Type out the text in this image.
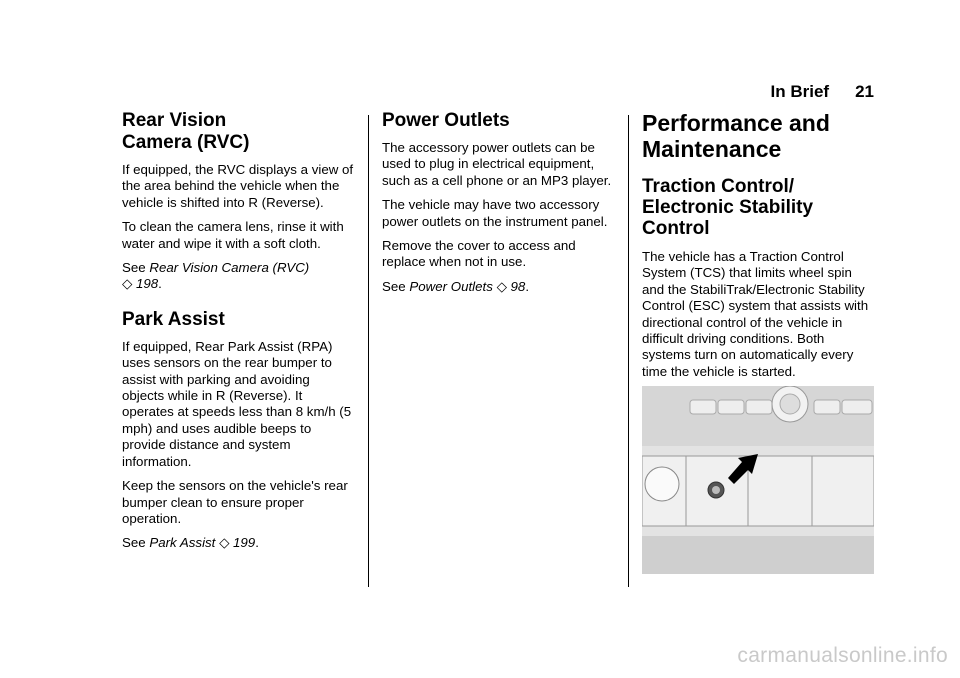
In Brief 21
Rear Vision
Camera (RVC)

If equipped, the RVC displays a view of the area behind the vehicle when the vehicle is shifted into R (Reverse).

To clean the camera lens, rinse it with water and wipe it with a soft cloth.

See Rear Vision Camera (RVC)
◇ 198.

Park Assist

If equipped, Rear Park Assist (RPA) uses sensors on the rear bumper to assist with parking and avoiding objects while in R (Reverse). It operates at speeds less than 8 km/h (5 mph) and uses audible beeps to provide distance and system information.

Keep the sensors on the vehicle's rear bumper clean to ensure proper operation.

See Park Assist ◇ 199.

Power Outlets

The accessory power outlets can be used to plug in electrical equipment, such as a cell phone or an MP3 player.

The vehicle may have two accessory power outlets on the instrument panel.

Remove the cover to access and replace when not in use.

See Power Outlets ◇ 98.

Performance and
Maintenance
Traction Control/
Electronic Stability
Control

The vehicle has a Traction Control System (TCS) that limits wheel spin and the StabiliTrak/Electronic Stability Control (ESC) system that assists with directional control of the vehicle in difficult driving conditions. Both systems turn on automatically every time the vehicle is started.

carmanualsonline.info
